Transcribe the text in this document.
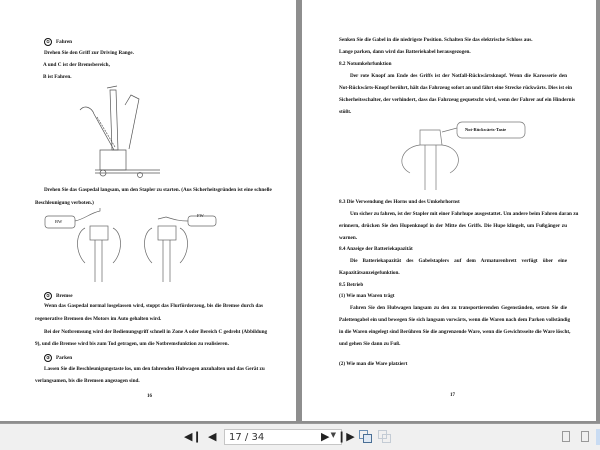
① Fahren
Drehen Sie den Griff zur Driving Range.
A und C ist der Bremsbereich,
B ist Fahren.
Drehen Sie das Gaspedal langsam, um den Stapler zu starten. (Aus Sicherheitsgründen ist eine schnelle
Beschleunigung verboten.)
BW
FW
② Bremse
Wenn das Gaspedal normal losgelassen wird, stoppt das Flurförderzeug, bis die Bremse durch das
regenerative Bremsen des Motors im Auto gehalten wird.
Bei der Notbremsung wird der Bedienungsgriff schnell in Zone A oder Bereich C gedreht (Abbildung
9), und die Bremse wird bis zum Tod getragen, um die Notbremsfunktion zu realisieren.
③ Parken
Lassen Sie die Beschleunigungstaste los, um den fahrenden Hubwagen anzuhalten und das Gerät zu
verlangsamen, bis die Bremsen angezogen sind.
16
Senken Sie die Gabel in die niedrigste Position. Schalten Sie das elektrische Schloss aus.
Lange parken, dann wird das Batteriekabel herausgezogen.
8.2 Notumkehrfunktion
Der rote Knopf am Ende des Griffs ist der Notfall-Rückwärtsknopf. Wenn die Karosserie den
Not-Rückwärts-Knopf berührt, hält das Fahrzeug sofort an und fährt eine Strecke rückwärts. Dies ist ein
Sicherheitsschalter, der verhindert, dass das Fahrzeug gequetscht wird, wenn der Fahrer auf ein Hindernis
stößt.
Not-Rückwärts-Taste
8.3 Die Verwendung des Horns und des Umkehrhornst
Um sicher zu fahren, ist der Stapler mit einer Fahrhupe ausgestattet. Um andere beim Fahren daran zu
erinnern, drücken Sie den Hupenknopf in der Mitte des Griffs. Die Hupe klingelt, um Fußgänger zu
warnen.
8.4 Anzeige der Batteriekapazität
Die Batteriekapazität des Gabelstaplers auf dem Armaturenbrett verfügt über eine
Kapazitätsanzeigefunktion.
8.5 Betrieb
(1) Wie man Waren trägt
Fahren Sie den Hubwagen langsam zu den zu transportierenden Gegenständen, setzen Sie die
Palettengabel ein und bewegen Sie sich langsam vorwärts, wenn die Waren nach dem Parken vollständig
in die Waren eingelegt sind Berühren Sie die angrenzende Ware, wenn die Gewichtsseite die Ware löscht,
und gehen Sie dann zu Fuß.
(2) Wie man die Ware platziert
17
◀❙ ◀ 17 / 34	▼
▶ ❙▶
